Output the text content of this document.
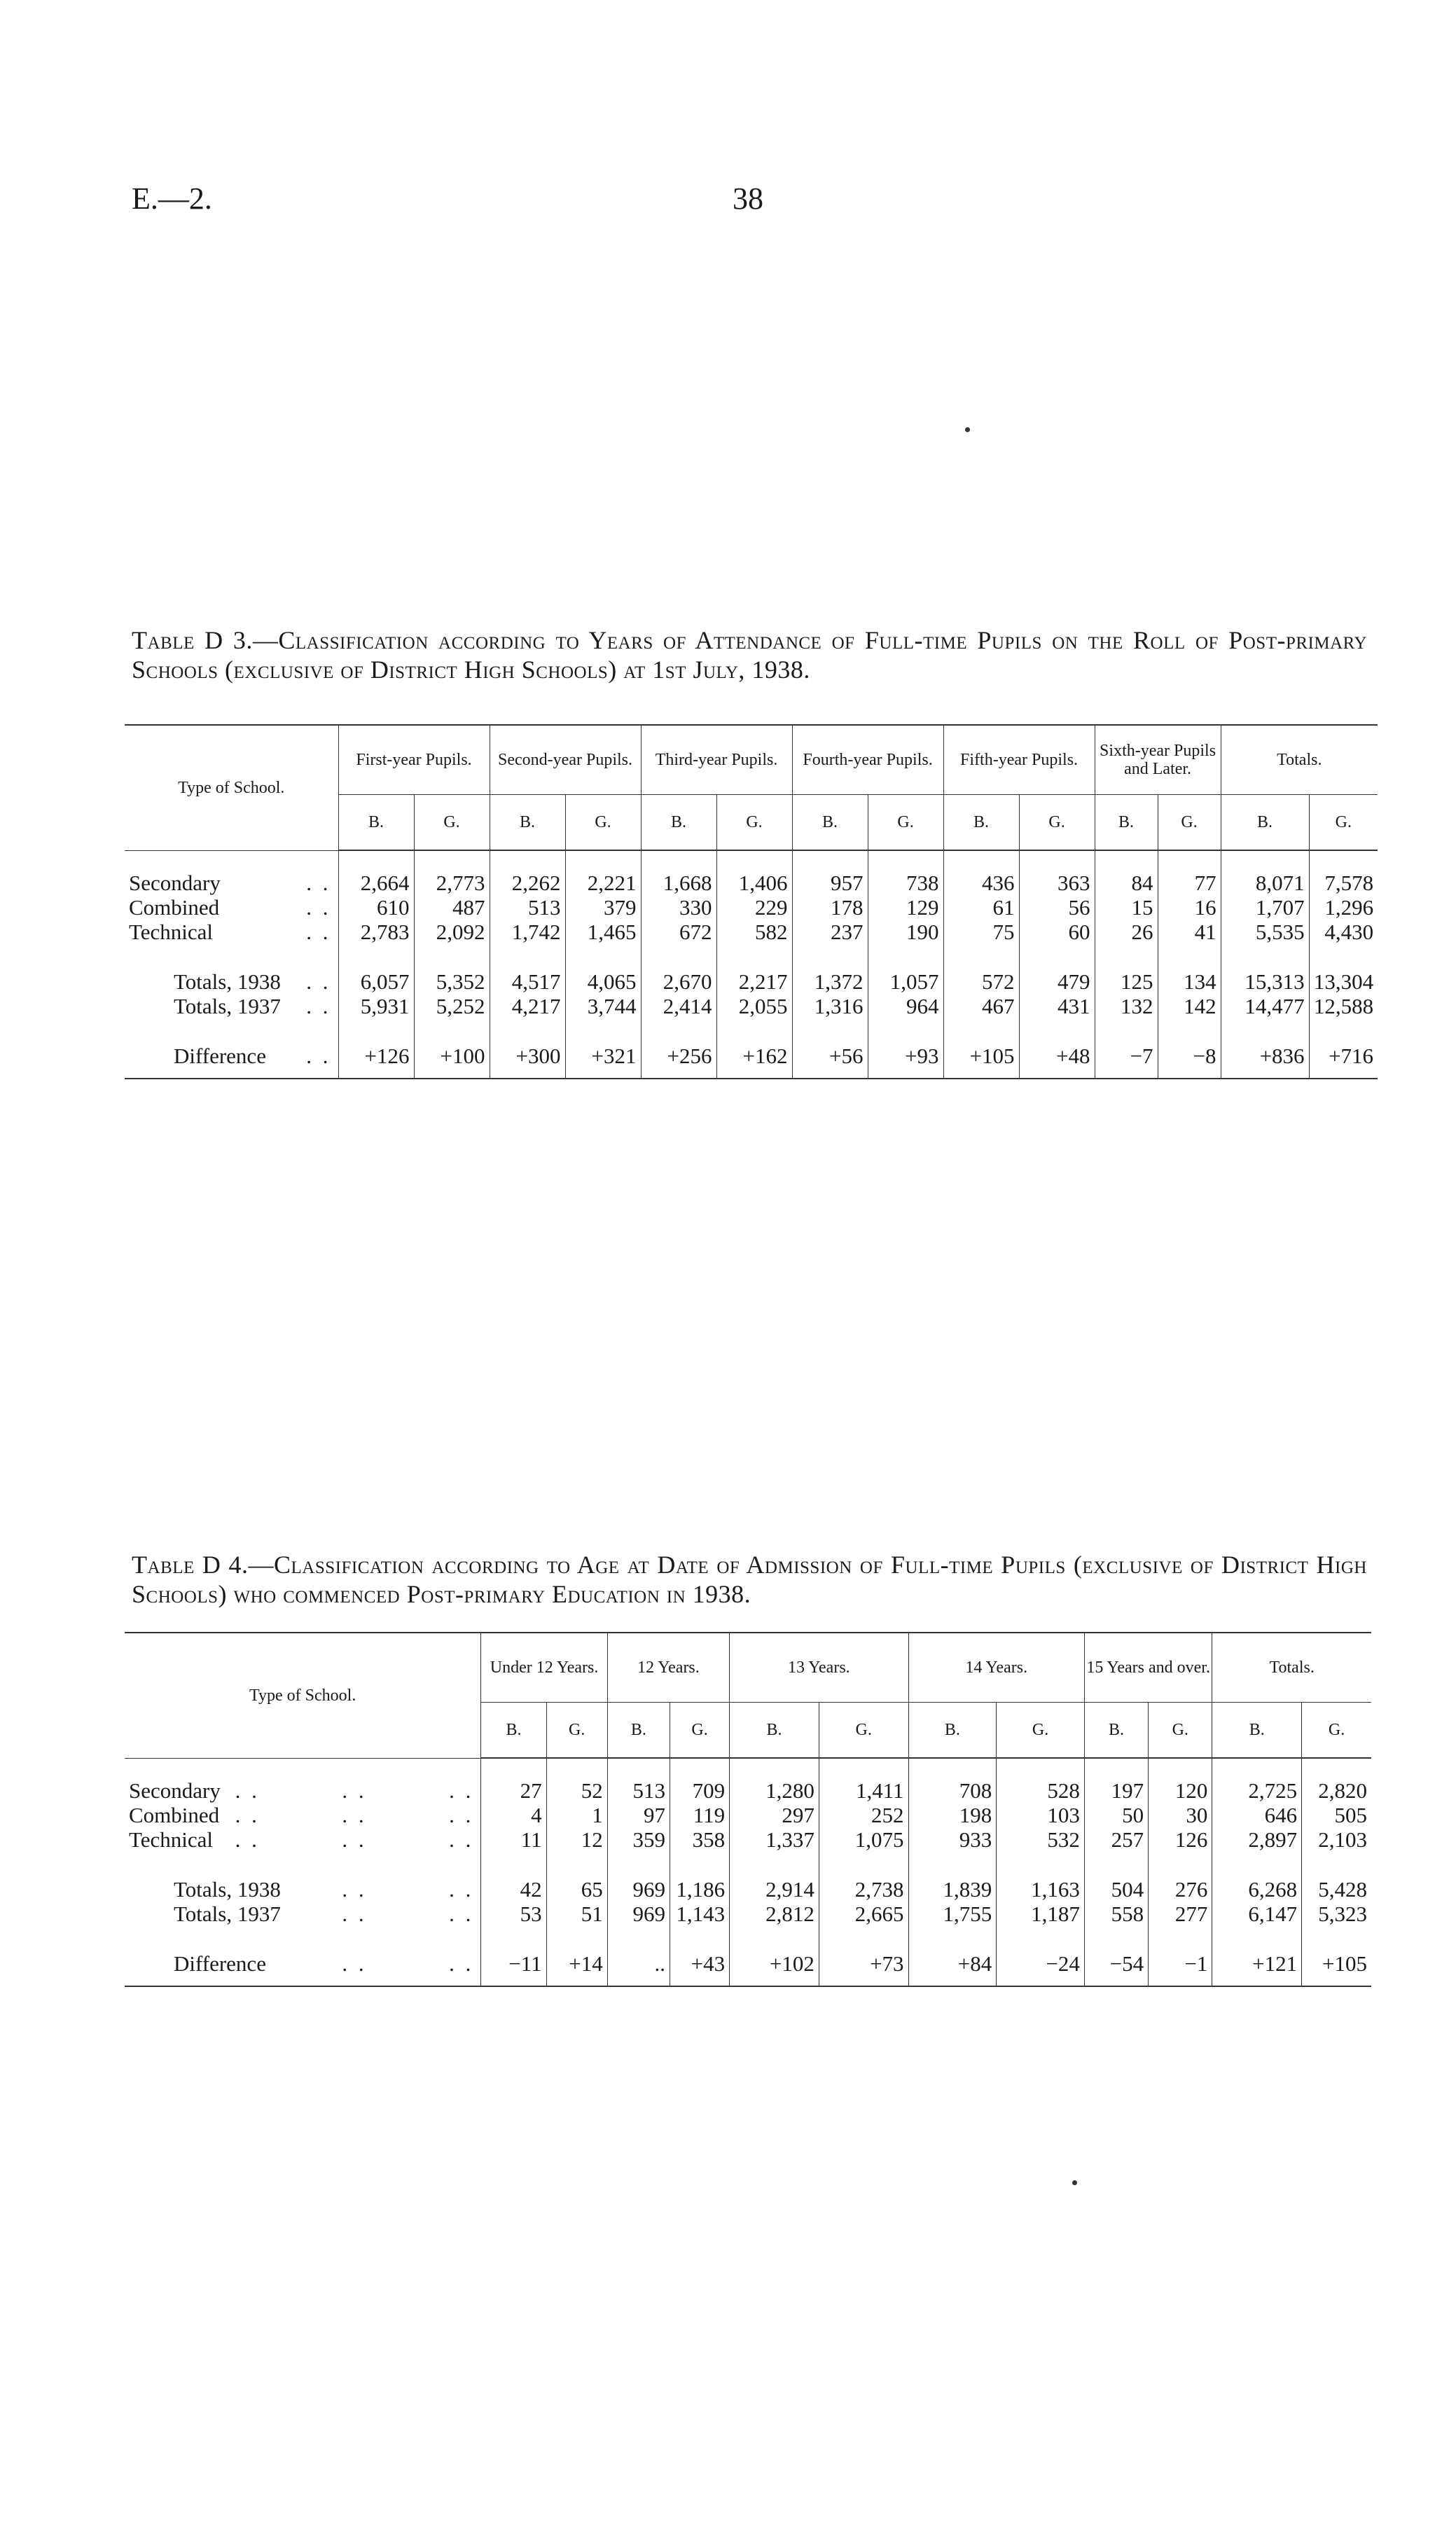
E.—2.	38
Table D 3.—Classification according to Years of Attendance of Full-time Pupils on the Roll of Post-primary Schools (exclusive of District High Schools) at 1st July, 1938.
Type of School.	First-year Pupils.		Second-year Pupils.		Third-year Pupils.		Fourth-year Pupils.		Fifth-year Pupils.		Sixth-year Pupils and Later.		Totals.	
	B.	G.	B.	G.	B.	G.	B.	G.	B.	G.	B.	G.	B.	G.

Secondary . .	2,664	2,773	2,262	2,221	1,668	1,406	957	738	436	363	84	77	8,071	7,578
Combined . .	610	487	513	379	330	229	178	129	61	56	15	16	1,707	1,296
Technical . .	2,783	2,092	1,742	1,465	672	582	237	190	75	60	26	41	5,535	4,430

Totals, 1938 . .	6,057	5,352	4,517	4,065	2,670	2,217	1,372	1,057	572	479	125	134	15,313	13,304
Totals, 1937 . .	5,931	5,252	4,217	3,744	2,414	2,055	1,316	964	467	431	132	142	14,477	12,588

Difference . .	+126	+100	+300	+321	+256	+162	+56	+93	+105	+48	−7	−8	+836	+716
Table D 4.—Classification according to Age at Date of Admission of Full-time Pupils (exclusive of District High Schools) who commenced Post-primary Education in 1938.
Type of School.	Under 12 Years.		12 Years.		13 Years.		14 Years.		15 Years and over.		Totals.	
	B.	G.	B.	G.	B.	G.	B.	G.	B.	G.	B.	G.

Secondary . .          . .          . .	27	52	513	709	1,280	1,411	708	528	197	120	2,725	2,820
Combined . .          . .          . .	4	1	97	119	297	252	198	103	50	30	646	505
Technical . .          . .          . .	11	12	359	358	1,337	1,075	933	532	257	126	2,897	2,103

Totals, 1938 . .          . .	42	65	969	1,186	2,914	2,738	1,839	1,163	504	276	6,268	5,428
Totals, 1937 . .          . .	53	51	969	1,143	2,812	2,665	1,755	1,187	558	277	6,147	5,323

Difference . .          . .	−11	+14	..	+43	+102	+73	+84	−24	−54	−1	+121	+105
